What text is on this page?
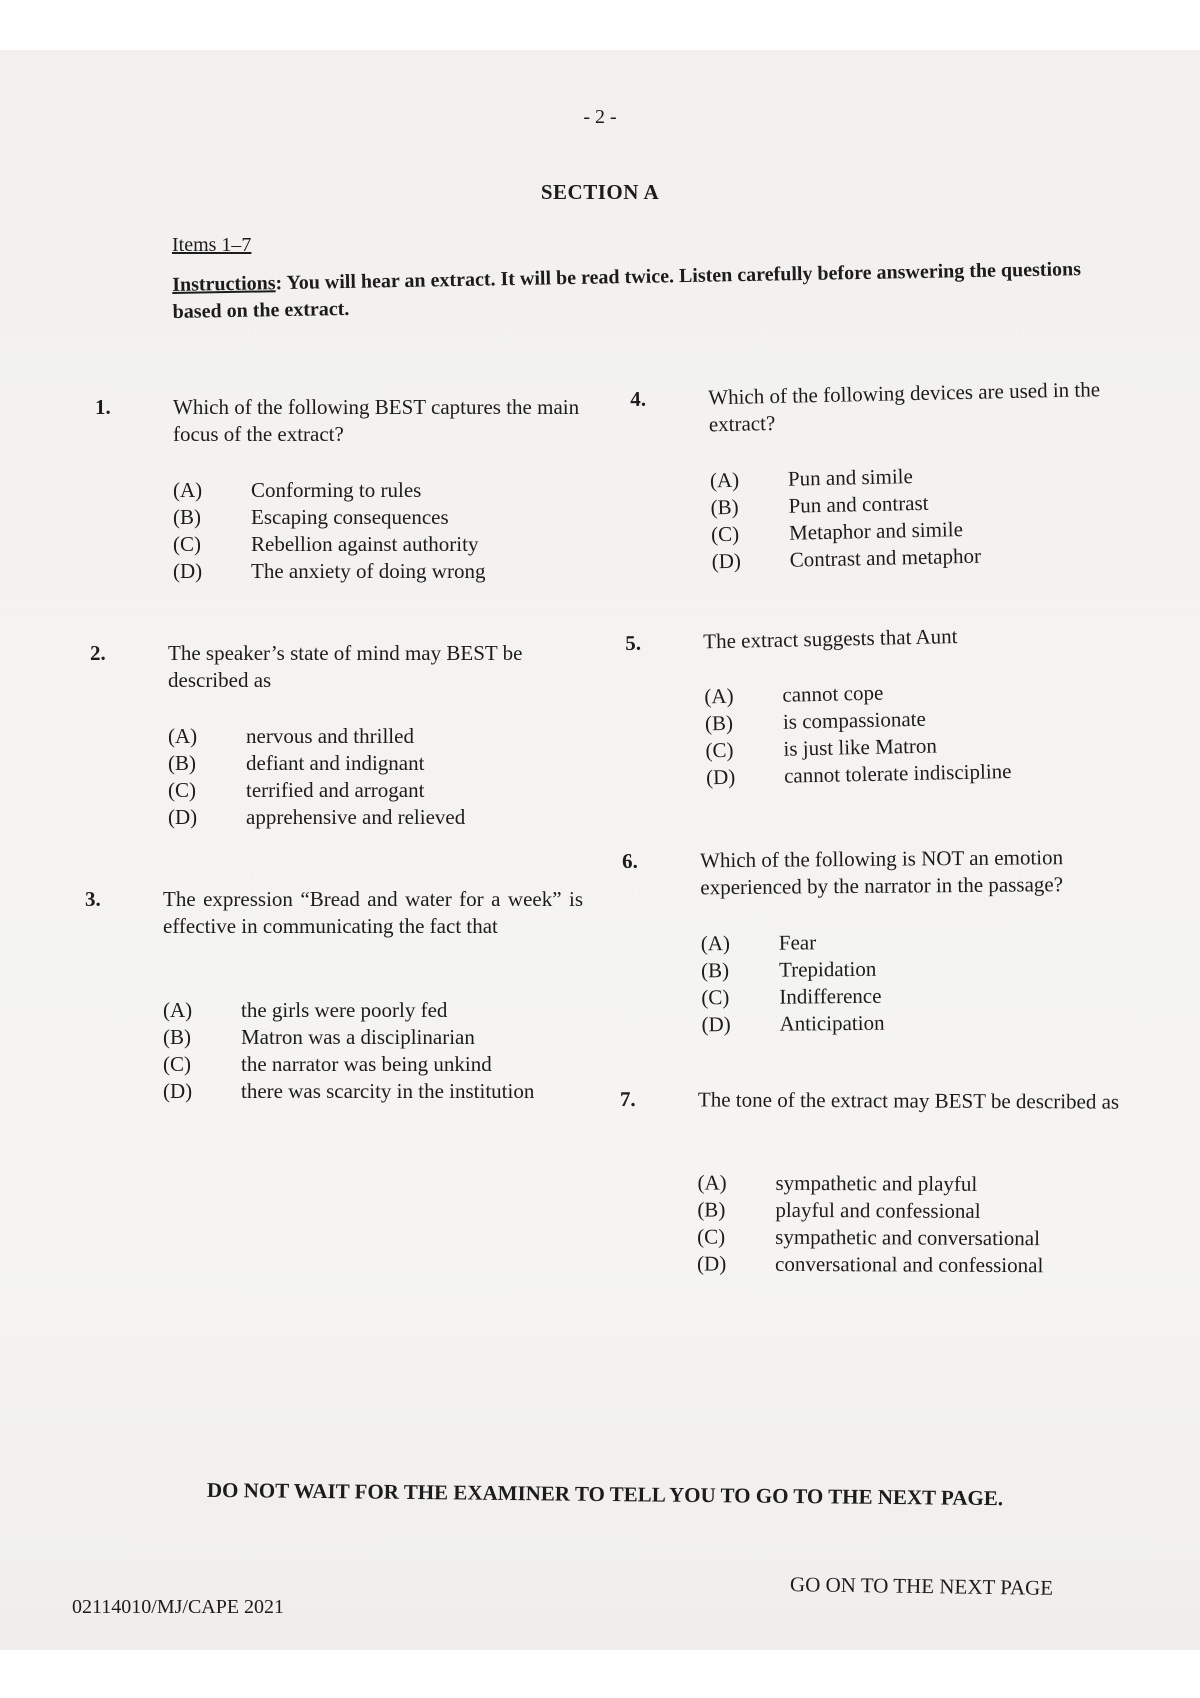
- 2 -
SECTION A
Items 1–7
Instructions: You will hear an extract. It will be read twice. Listen carefully before answering the questions based on the extract.
1.	Which of the following BEST captures the main focus of the extract?
(A) Conforming to rules
(B) Escaping consequences
(C) Rebellion against authority
(D) The anxiety of doing wrong
2.	The speaker’s state of mind may BEST be described as
(A) nervous and thrilled
(B) defiant and indignant
(C) terrified and arrogant
(D) apprehensive and relieved
3.	The expression “Bread and water for a week” is effective in communicating the fact that
(A) the girls were poorly fed
(B) Matron was a disciplinarian
(C) the narrator was being unkind
(D) there was scarcity in the institution
4.	Which of the following devices are used in the extract?
(A) Pun and simile
(B) Pun and contrast
(C) Metaphor and simile
(D) Contrast and metaphor
5.	The extract suggests that Aunt
(A) cannot cope
(B) is compassionate
(C) is just like Matron
(D) cannot tolerate indiscipline
6.	Which of the following is NOT an emotion experienced by the narrator in the passage?
(A) Fear
(B) Trepidation
(C) Indifference
(D) Anticipation
7.	The tone of the extract may BEST be described as
(A) sympathetic and playful
(B) playful and confessional
(C) sympathetic and conversational
(D) conversational and confessional
DO NOT WAIT FOR THE EXAMINER TO TELL YOU TO GO TO THE NEXT PAGE.
GO ON TO THE NEXT PAGE
02114010/MJ/CAPE 2021
